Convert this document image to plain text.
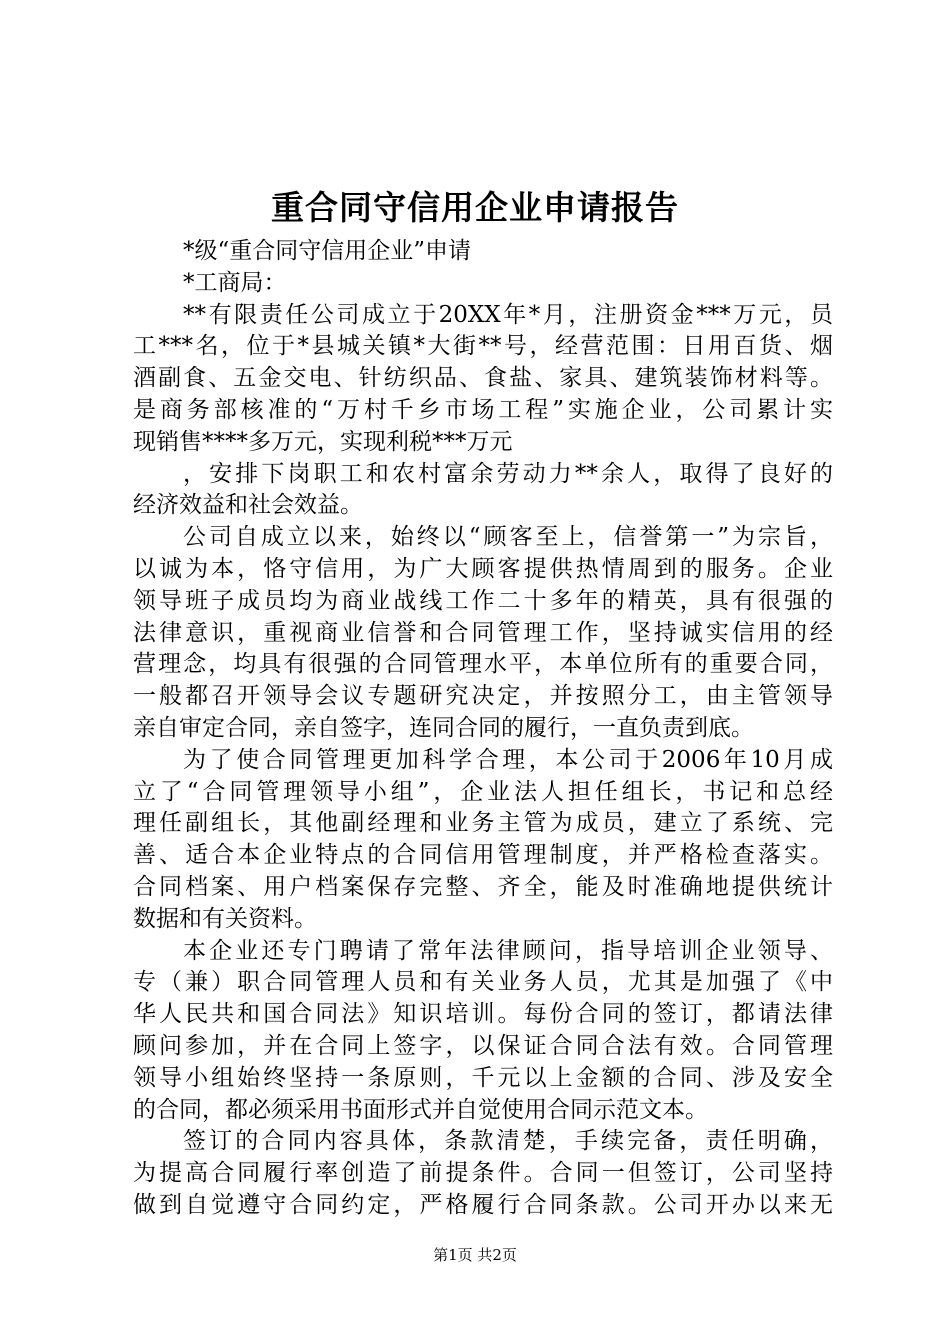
重合同守信用企业申请报告
*级“重合同守信用企业”申请
*工商局：
**有限责任公司成立于20XX年*月，注册资金***万元，员
工***名，位于*县城关镇*大街**号，经营范围：日用百货、烟
酒副食、五金交电、针纺织品、食盐、家具、建筑装饰材料等。
是商务部核准的“万村千乡市场工程”实施企业，公司累计实
现销售****多万元，实现利税***万元
，安排下岗职工和农村富余劳动力**余人，取得了良好的
经济效益和社会效益。
公司自成立以来，始终以“顾客至上，信誉第一”为宗旨，
以诚为本，恪守信用，为广大顾客提供热情周到的服务。企业
领导班子成员均为商业战线工作二十多年的精英，具有很强的
法律意识，重视商业信誉和合同管理工作，坚持诚实信用的经
营理念，均具有很强的合同管理水平，本单位所有的重要合同，
一般都召开领导会议专题研究决定，并按照分工，由主管领导
亲自审定合同，亲自签字，连同合同的履行，一直负责到底。
为了使合同管理更加科学合理，本公司于2006年10月成
立了“合同管理领导小组”，企业法人担任组长，书记和总经
理任副组长，其他副经理和业务主管为成员，建立了系统、完
善、适合本企业特点的合同信用管理制度，并严格检查落实。
合同档案、用户档案保存完整、齐全，能及时准确地提供统计
数据和有关资料。
本企业还专门聘请了常年法律顾问，指导培训企业领导、
专（兼）职合同管理人员和有关业务人员，尤其是加强了《中
华人民共和国合同法》知识培训。每份合同的签订，都请法律
顾问参加，并在合同上签字，以保证合同合法有效。合同管理
领导小组始终坚持一条原则，千元以上金额的合同、涉及安全
的合同，都必须采用书面形式并自觉使用合同示范文本。
签订的合同内容具体，条款清楚，手续完备，责任明确，
为提高合同履行率创造了前提条件。合同一但签订，公司坚持
做到自觉遵守合同约定，严格履行合同条款。公司开办以来无
第1页 共2页
